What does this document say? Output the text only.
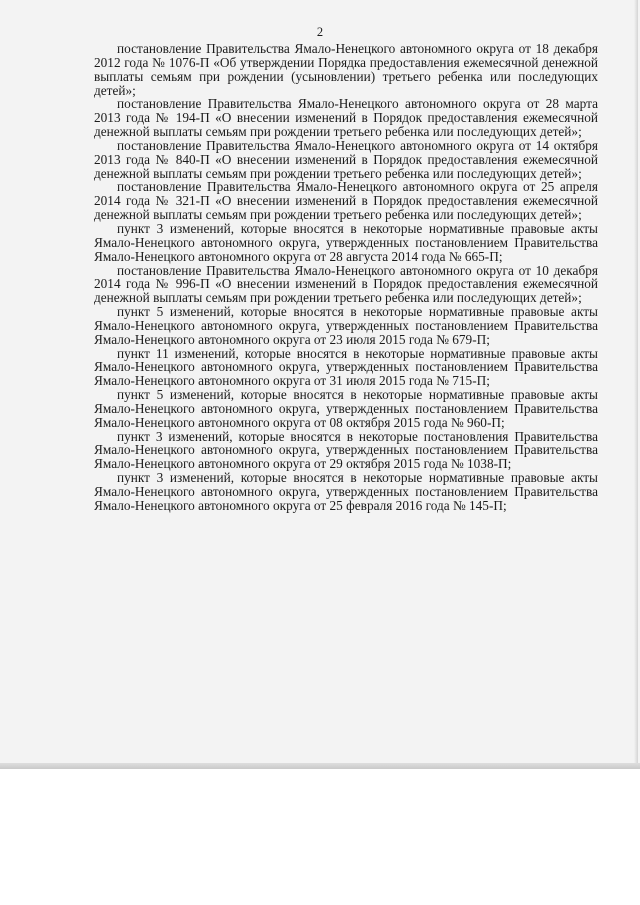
2

постановление Правительства Ямало-Ненецкого автономного округа от 18 декабря 2012 года № 1076-П «Об утверждении Порядка предоставления ежемесячной денежной выплаты семьям при рождении (усыновлении) третьего ребенка или последующих детей»;

постановление Правительства Ямало-Ненецкого автономного округа от 28 марта 2013 года № 194-П «О внесении изменений в Порядок предоставления ежемесячной денежной выплаты семьям при рождении третьего ребенка или последующих детей»;

постановление Правительства Ямало-Ненецкого автономного округа от 14 октября 2013 года № 840-П «О внесении изменений в Порядок предоставления ежемесячной денежной выплаты семьям при рождении третьего ребенка или последующих детей»;

постановление Правительства Ямало-Ненецкого автономного округа от 25 апреля 2014 года № 321-П «О внесении изменений в Порядок предоставления ежемесячной денежной выплаты семьям при рождении третьего ребенка или последующих детей»;

пункт 3 изменений, которые вносятся в некоторые нормативные правовые акты Ямало-Ненецкого автономного округа, утвержденных постановлением Правительства Ямало-Ненецкого автономного округа от 28 августа 2014 года № 665-П;

постановление Правительства Ямало-Ненецкого автономного округа от 10 декабря 2014 года № 996-П «О внесении изменений в Порядок предоставления ежемесячной денежной выплаты семьям при рождении третьего ребенка или последующих детей»;

пункт 5 изменений, которые вносятся в некоторые нормативные правовые акты Ямало-Ненецкого автономного округа, утвержденных постановлением Правительства Ямало-Ненецкого автономного округа от 23 июля 2015 года № 679-П;

пункт 11 изменений, которые вносятся в некоторые нормативные правовые акты Ямало-Ненецкого автономного округа, утвержденных постановлением Правительства Ямало-Ненецкого автономного округа от 31 июля 2015 года № 715-П;

пункт 5 изменений, которые вносятся в некоторые нормативные правовые акты Ямало-Ненецкого автономного округа, утвержденных постановлением Правительства Ямало-Ненецкого автономного округа от 08 октября 2015 года № 960-П;

пункт 3 изменений, которые вносятся в некоторые постановления Правительства Ямало-Ненецкого автономного округа, утвержденных постановлением Правительства Ямало-Ненецкого автономного округа от 29 октября 2015 года № 1038-П;

пункт 3 изменений, которые вносятся в некоторые нормативные правовые акты Ямало-Ненецкого автономного округа, утвержденных постановлением Правительства Ямало-Ненецкого автономного округа от 25 февраля 2016 года № 145-П;
